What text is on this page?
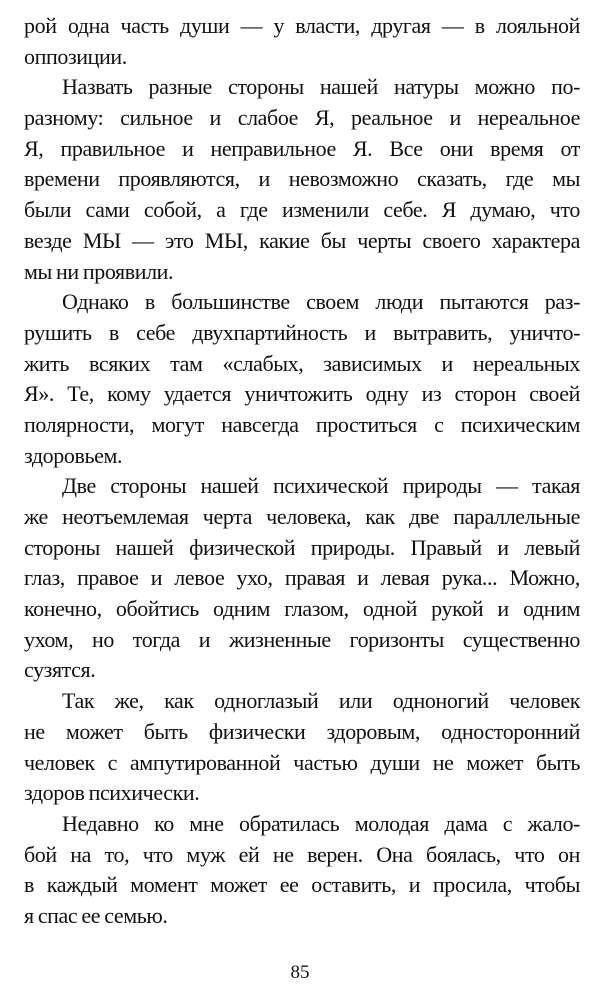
рой одна часть души — у власти, другая — в лояльной
оппозиции.
Назвать разные стороны нашей натуры можно по-
разному: сильное и слабое Я, реальное и нереальное
Я, правильное и неправильное Я. Все они время от
времени проявляются, и невозможно сказать, где мы
были сами собой, а где изменили себе. Я думаю, что
везде МЫ — это МЫ, какие бы черты своего характера
мы ни проявили.
Однако в большинстве своем люди пытаются раз-
рушить в себе двухпартийность и вытравить, уничто-
жить всяких там «слабых, зависимых и нереальных
Я». Те, кому удается уничтожить одну из сторон своей
полярности, могут навсегда проститься с психическим
здоровьем.
Две стороны нашей психической природы — такая
же неотъемлемая черта человека, как две параллельные
стороны нашей физической природы. Правый и левый
глаз, правое и левое ухо, правая и левая рука... Можно,
конечно, обойтись одним глазом, одной рукой и одним
ухом, но тогда и жизненные горизонты существенно
сузятся.
Так же, как одноглазый или одноногий человек
не может быть физически здоровым, односторонний
человек с ампутированной частью души не может быть
здоров психически.
Недавно ко мне обратилась молодая дама с жало-
бой на то, что муж ей не верен. Она боялась, что он
в каждый момент может ее оставить, и просила, чтобы
я спас ее семью.
85
